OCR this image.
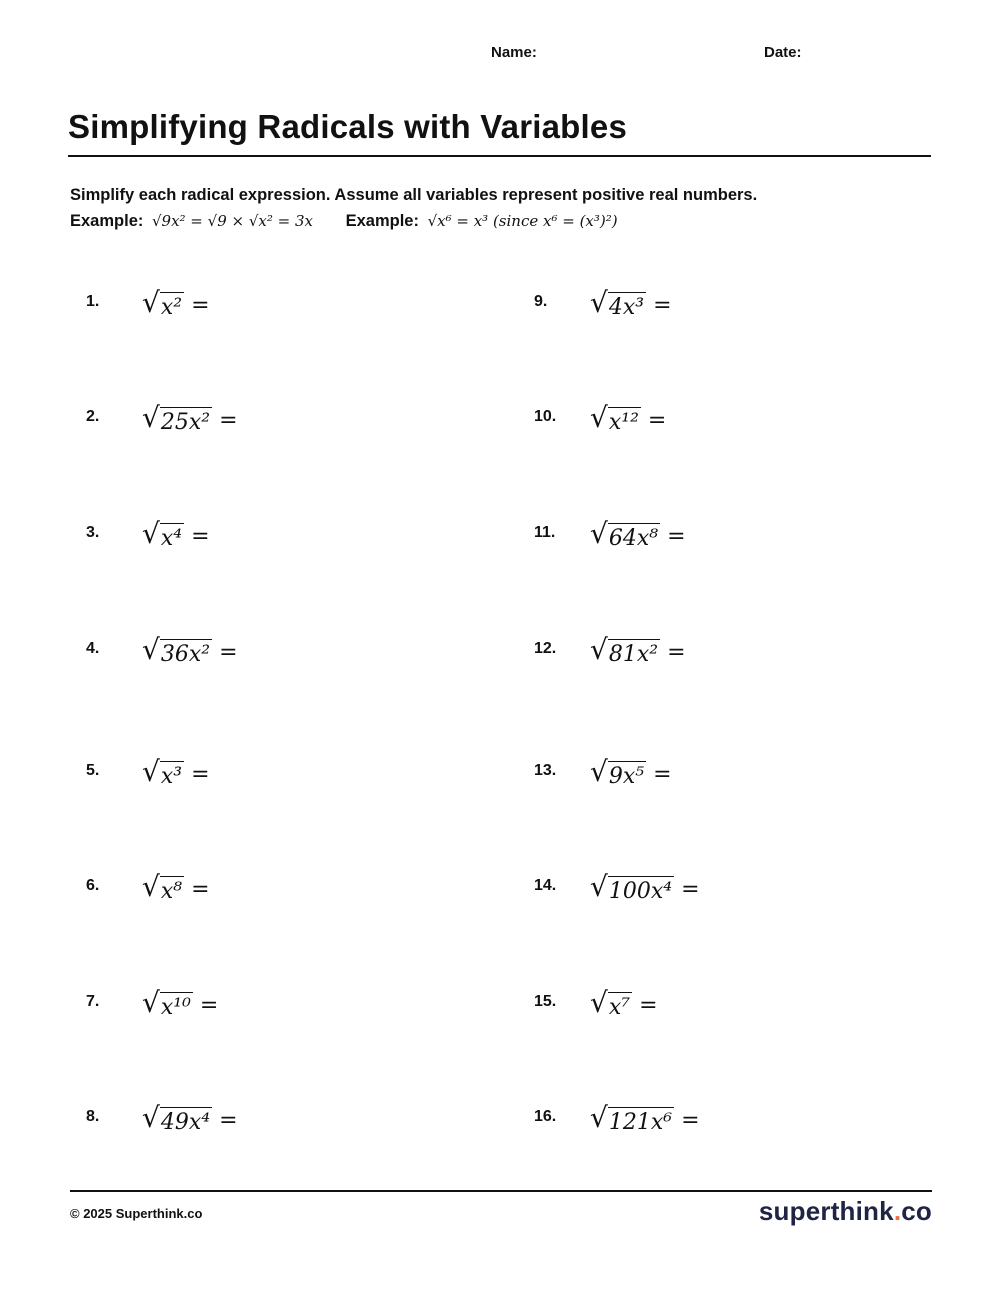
Name:	Date:
Simplifying Radicals with Variables
Simplify each radical expression. Assume all variables represent positive real numbers.
Example: √9x² = √9 × √x² = 3x Example: √x⁶ = x³ (since x⁶ = (x³)²)
1. √ x² =
2. √ 25x² =
3. √ x⁴ =
4. √ 36x² =
5. √ x³ =
6. √ x⁸ =
7. √ x¹⁰ =
8. √ 49x⁴ =
9. √ 4x³ =
10. √ x¹² =
11. √ 64x⁸ =
12. √ 81x² =
13. √ 9x⁵ =
14. √ 100x⁴ =
15. √ x⁷ =
16. √ 121x⁶ =
© 2025 Superthink.co	superthink.co
